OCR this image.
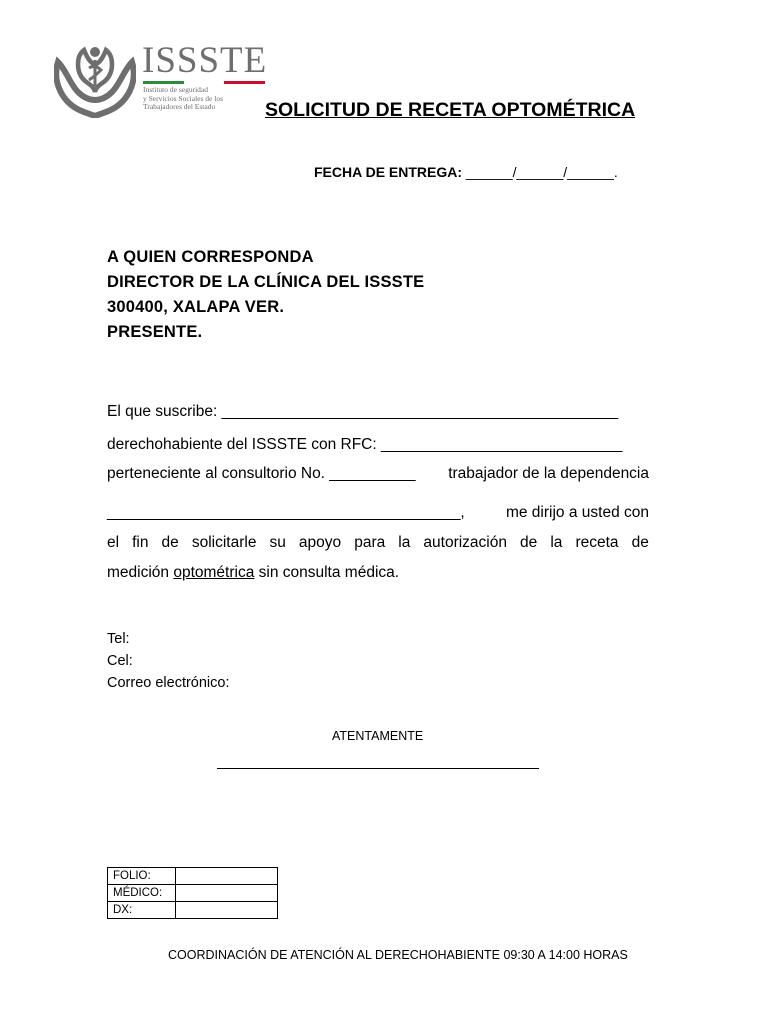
ISSSTE
Instituto de seguridad
y Servicios Sociales de los
Trabajadores del Estado	SOLICITUD DE RECETA OPTOMÉTRICA
FECHA DE ENTREGA: ______/______/______.
A QUIEN CORRESPONDA
DIRECTOR DE LA CLÍNICA DEL ISSSTE
300400, XALAPA VER.
PRESENTE.
El que suscribe: ______________________________________________
derechohabiente del ISSSTE con RFC: ____________________________
perteneciente al consultorio No. __________ trabajador de la dependencia
_________________________________________,	me dirijo a usted con
el fin de solicitarle su apoyo para la autorización de la receta de
medición optométrica sin consulta médica.
Tel:
Cel:
Correo electrónico:
ATENTAMENTE
FOLIO:	
MÉDICO:	
DX:	
COORDINACIÓN DE ATENCIÓN AL DERECHOHABIENTE 09:30 A 14:00 HORAS
